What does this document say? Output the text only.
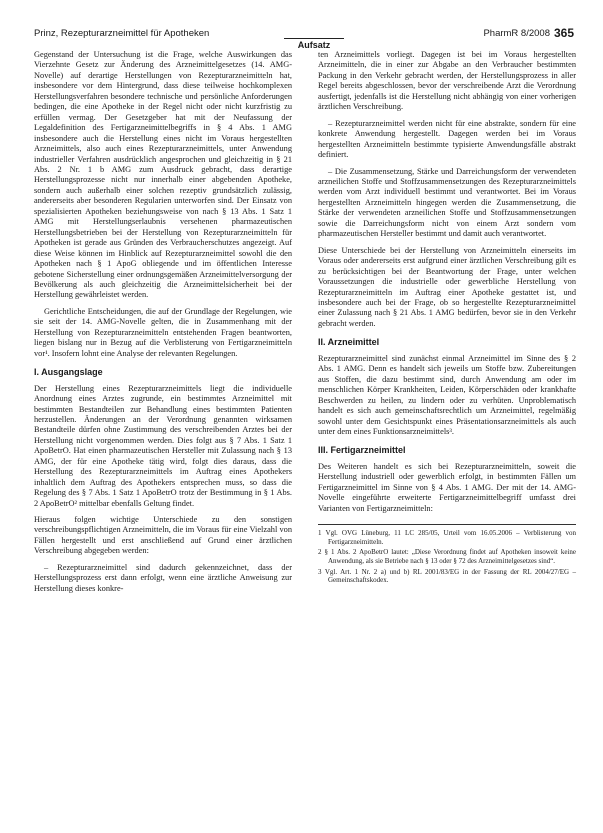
Prinz, Rezepturarzneimittel für Apotheken
Aufsatz
PharmR 8/2008 365

Gegenstand der Untersuchung ist die Frage, welche Auswirkungen das Vierzehnte Gesetz zur Änderung des Arzneimittelgesetzes (14. AMG-Novelle) auf derartige Herstellungen von Rezepturarzneimitteln hat, insbesondere vor dem Hintergrund, dass diese teilweise hochkomplexen Herstellungsverfahren besondere technische und persönliche Anforderungen bedingen, die eine Apotheke in der Regel nicht oder nicht kurzfristig zu erfüllen vermag. Der Gesetzgeber hat mit der Neufassung der Legaldefinition des Fertigarzneimittelbegriffs in § 4 Abs. 1 AMG insbesondere auch die Herstellung eines nicht im Voraus hergestellten Arzneimittels, also auch eines Rezepturarzneimittels, unter Anwendung industrieller Verfahren ausdrücklich angesprochen und gleichzeitig in § 21 Abs. 2 Nr. 1 b AMG zum Ausdruck gebracht, dass derartige Herstellungsprozesse nicht nur innerhalb einer abgebenden Apotheke, sondern auch außerhalb einer solchen rezeptiv grundsätzlich zulässig, andererseits aber besonderen Regularien unterworfen sind. Der Einsatz von spezialisierten Apotheken beziehungsweise von nach § 13 Abs. 1 Satz 1 AMG mit Herstellungserlaubnis versehenen pharmazeutischen Herstellungsbetrieben bei der Herstellung von Rezepturarzneimitteln für Apotheken ist gerade aus Gründen des Verbraucherschutzes angezeigt. Auf diese Weise können im Hinblick auf Rezepturarzneimittel sowohl die den Apotheken nach § 1 ApoG obliegende und im öffentlichen Interesse gebotene Sicherstellung einer ordnungsgemäßen Arzneimittelversorgung der Bevölkerung als auch gleichzeitig die Arzneimittelsicherheit bei der Herstellung gewährleistet werden.

Gerichtliche Entscheidungen, die auf der Grundlage der Regelungen, wie sie seit der 14. AMG-Novelle gelten, die in Zusammenhang mit der Herstellung von Rezepturarzneimitteln entstehenden Fragen beantworten, liegen bislang nur in Bezug auf die Verblisterung von Fertigarzneimitteln vor¹. Insofern lohnt eine Analyse der relevanten Regelungen.

I. Ausgangslage

Der Herstellung eines Rezepturarzneimittels liegt die individuelle Anordnung eines Arztes zugrunde, ein bestimmtes Arzneimittel mit bestimmten Bestandteilen zur Behandlung eines bestimmten Patienten herzustellen. Änderungen an der Verordnung genannten wirksamen Bestandteile dürfen ohne Zustimmung des verschreibenden Arztes bei der Herstellung nicht vorgenommen werden. Dies folgt aus § 7 Abs. 1 Satz 1 ApoBetrO. Hat einen pharmazeutischen Hersteller mit Zulassung nach § 13 AMG, der für eine Apotheke tätig wird, folgt dies daraus, dass die Herstellung des Rezepturarzneimittels im Auftrag eines Apothekers inhaltlich dem Auftrag des Apothekers entsprechen muss, so dass die Regelung des § 7 Abs. 1 Satz 1 ApoBetrO trotz der Bestimmung in § 1 Abs. 2 ApoBetrO² mittelbar ebenfalls Geltung findet.

Hieraus folgen wichtige Unterschiede zu den sonstigen verschreibungspflichtigen Arzneimitteln, die im Voraus für eine Vielzahl von Fällen hergestellt und erst anschließend auf Grund einer ärztlichen Verschreibung abgegeben werden:

– Rezepturarzneimittel sind dadurch gekennzeichnet, dass der Herstellungsprozess erst dann erfolgt, wenn eine ärztliche Anweisung zur Herstellung dieses konkre-

ten Arzneimittels vorliegt. Dagegen ist bei im Voraus hergestellten Arzneimitteln, die in einer zur Abgabe an den Verbraucher bestimmten Packung in den Verkehr gebracht werden, der Herstellungsprozess in aller Regel bereits abgeschlossen, bevor der verschreibende Arzt die Verordnung ausfertigt, jedenfalls ist die Herstellung nicht abhängig von einer vorherigen ärztlichen Verschreibung.

– Rezepturarzneimittel werden nicht für eine abstrakte, sondern für eine konkrete Anwendung hergestellt. Dagegen werden bei im Voraus hergestellten Arzneimitteln bestimmte typisierte Anwendungsfälle abstrakt definiert.

– Die Zusammensetzung, Stärke und Darreichungsform der verwendeten arzneilichen Stoffe und Stoffzusammensetzungen des Rezepturarzneimittels werden vom Arzt individuell bestimmt und verantwortet. Bei im Voraus hergestellten Arzneimitteln hingegen werden die Zusammensetzung, die Stärke der verwendeten arzneilichen Stoffe und Stoffzusammensetzungen sowie die Darreichungsform nicht von einem Arzt sondern vom pharmazeutischen Hersteller bestimmt und damit auch verantwortet.

Diese Unterschiede bei der Herstellung von Arzneimitteln einerseits im Voraus oder andererseits erst aufgrund einer ärztlichen Verschreibung gilt es zu berücksichtigen bei der Beantwortung der Frage, unter welchen Voraussetzungen die industrielle oder gewerbliche Herstellung von Rezepturarzneimitteln im Auftrag einer Apotheke gestattet ist, und insbesondere auch bei der Frage, ob so hergestellte Rezepturarzneimittel einer Zulassung nach § 21 Abs. 1 AMG bedürfen, bevor sie in den Verkehr gebracht werden.

II. Arzneimittel

Rezepturarzneimittel sind zunächst einmal Arzneimittel im Sinne des § 2 Abs. 1 AMG. Denn es handelt sich jeweils um Stoffe bzw. Zubereitungen aus Stoffen, die dazu bestimmt sind, durch Anwendung am oder im menschlichen Körper Krankheiten, Leiden, Körperschäden oder krankhafte Beschwerden zu heilen, zu lindern oder zu verhüten. Unproblematisch handelt es sich auch gemeinschaftsrechtlich um Arzneimittel, regelmäßig sowohl unter dem Gesichtspunkt eines Präsentationsarzneimittels als auch unter dem eines Funktionsarzneimittels³.

III. Fertigarzneimittel

Des Weiteren handelt es sich bei Rezepturarzneimitteln, soweit die Herstellung industriell oder gewerblich erfolgt, in bestimmten Fällen um Fertigarzneimittel im Sinne von § 4 Abs. 1 AMG. Der mit der 14. AMG-Novelle eingeführte erweiterte Fertigarzneimittelbegriff umfasst drei Varianten von Fertigarzneimitteln:

1 Vgl. OVG Lüneburg, 11 LC 285/05, Urteil vom 16.05.2006 – Verblisterung von Fertigarzneimitteln.

2 § 1 Abs. 2 ApoBetrO lautet: „Diese Verordnung findet auf Apotheken insoweit keine Anwendung, als sie Betriebe nach § 13 oder § 72 des Arzneimittelgesetzes sind“.

3 Vgl. Art. 1 Nr. 2 a) und b) RL 2001/83/EG in der Fassung der RL 2004/27/EG – Gemeinschaftskodex.
